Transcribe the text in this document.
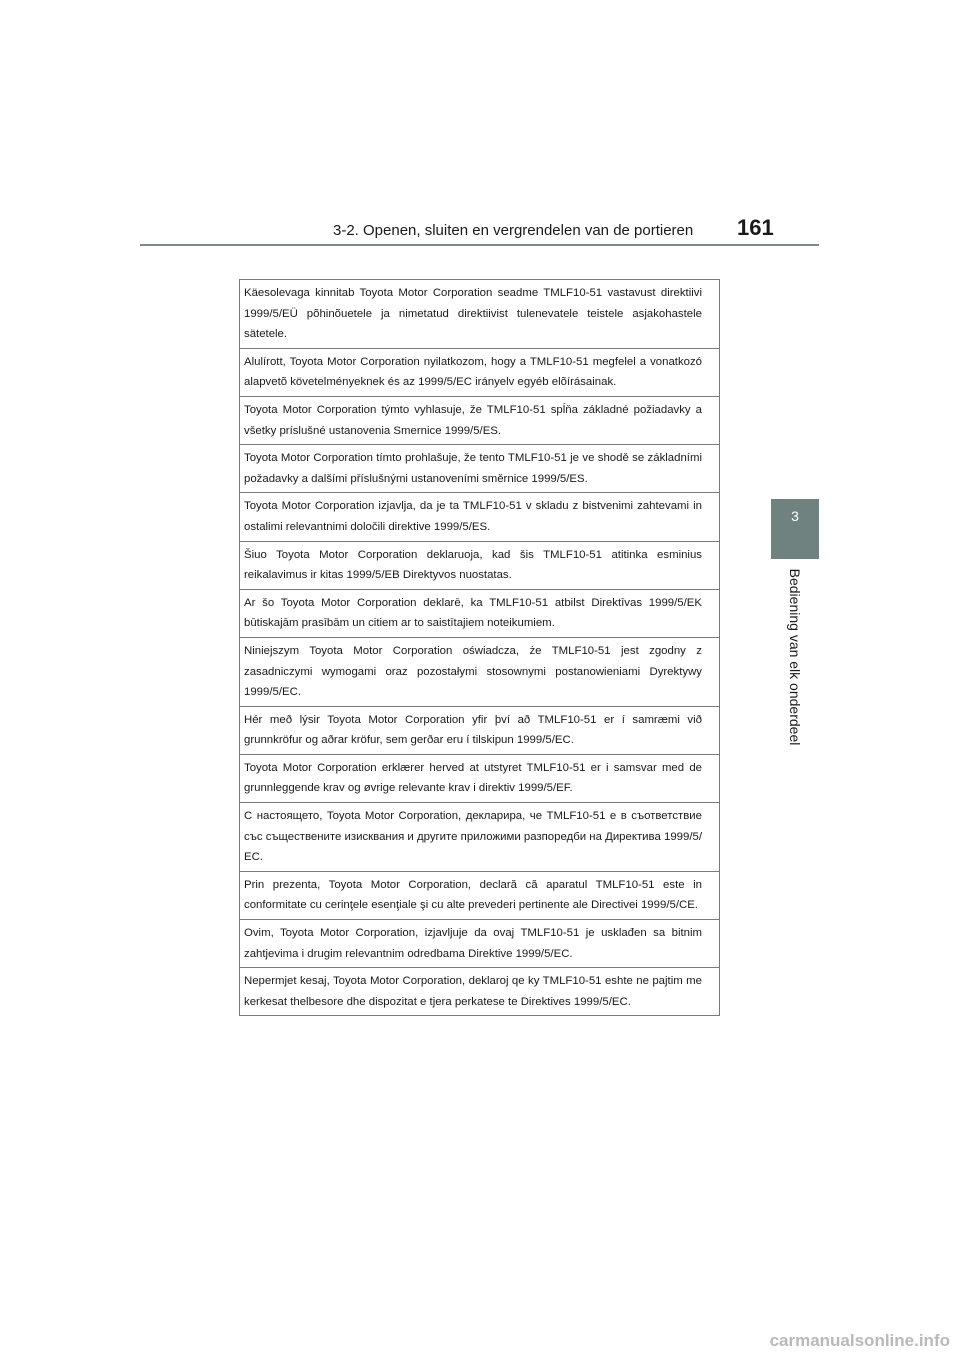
3-2. Openen, sluiten en vergrendelen van de portieren 161
3
Bediening van elk onderdeel
Käesolevaga kinnitab Toyota Motor Corporation seadme TMLF10-51 vastavust direktiivi 1999/5/EÜ põhinõuetele ja nimetatud direktiivist tulenevatele teistele asjakohastele sätetele.
Alulírott, Toyota Motor Corporation nyilatkozom, hogy a TMLF10-51 megfelel a vonatkozó alapvetõ követelményeknek és az 1999/5/EC irányelv egyéb elõírásainak.
Toyota Motor Corporation týmto vyhlasuje, že TMLF10-51 spĺňa základné požiadavky a všetky príslušné ustanovenia Smernice 1999/5/ES.
Toyota Motor Corporation tímto prohlašuje, že tento TMLF10-51 je ve shodě se základními požadavky a dalšími příslušnými ustanoveními směrnice 1999/5/ES.
Toyota Motor Corporation izjavlja, da je ta TMLF10-51 v skladu z bistvenimi zahtevami in ostalimi relevantnimi določili direktive 1999/5/ES.
Šiuo Toyota Motor Corporation deklaruoja, kad šis TMLF10-51 atitinka esminius reikalavimus ir kitas 1999/5/EB Direktyvos nuostatas.
Ar šo Toyota Motor Corporation deklarē, ka TMLF10-51 atbilst Direktīvas 1999/5/EK būtiskajām prasībām un citiem ar to saistītajiem noteikumiem.
Niniejszym Toyota Motor Corporation oświadcza, że TMLF10-51 jest zgodny z zasadniczymi wymogami oraz pozostałymi stosownymi postanowieniami Dyrektywy 1999/5/EC.
Hér með lýsir Toyota Motor Corporation yfir því að TMLF10-51 er í samræmi við grunnkröfur og aðrar kröfur, sem gerðar eru í tilskipun 1999/5/EC.
Toyota Motor Corporation erklærer herved at utstyret TMLF10-51 er i samsvar med de grunnleggende krav og øvrige relevante krav i direktiv 1999/5/EF.
С настоящето, Toyota Motor Corporation, декларира, че TMLF10-51 е в съответствие със съществените изисквания и другите приложими разпоредби на Директива 1999/5/ЕС.
Prin prezenta, Toyota Motor Corporation, declară că aparatul TMLF10-51 este in conformitate cu cerinţele esenţiale şi cu alte prevederi pertinente ale Directivei 1999/5/CE.
Ovim, Toyota Motor Corporation, izjavljuje da ovaj TMLF10-51 je usklađen sa bitnim zahtjevima i drugim relevantnim odredbama Direktive 1999/5/EC.
Nepermjet kesaj, Toyota Motor Corporation, deklaroj qe ky TMLF10-51 eshte ne pajtim me kerkesat thelbesore dhe dispozitat e tjera perkatese te Direktives 1999/5/EC.
carmanualsonline.info
